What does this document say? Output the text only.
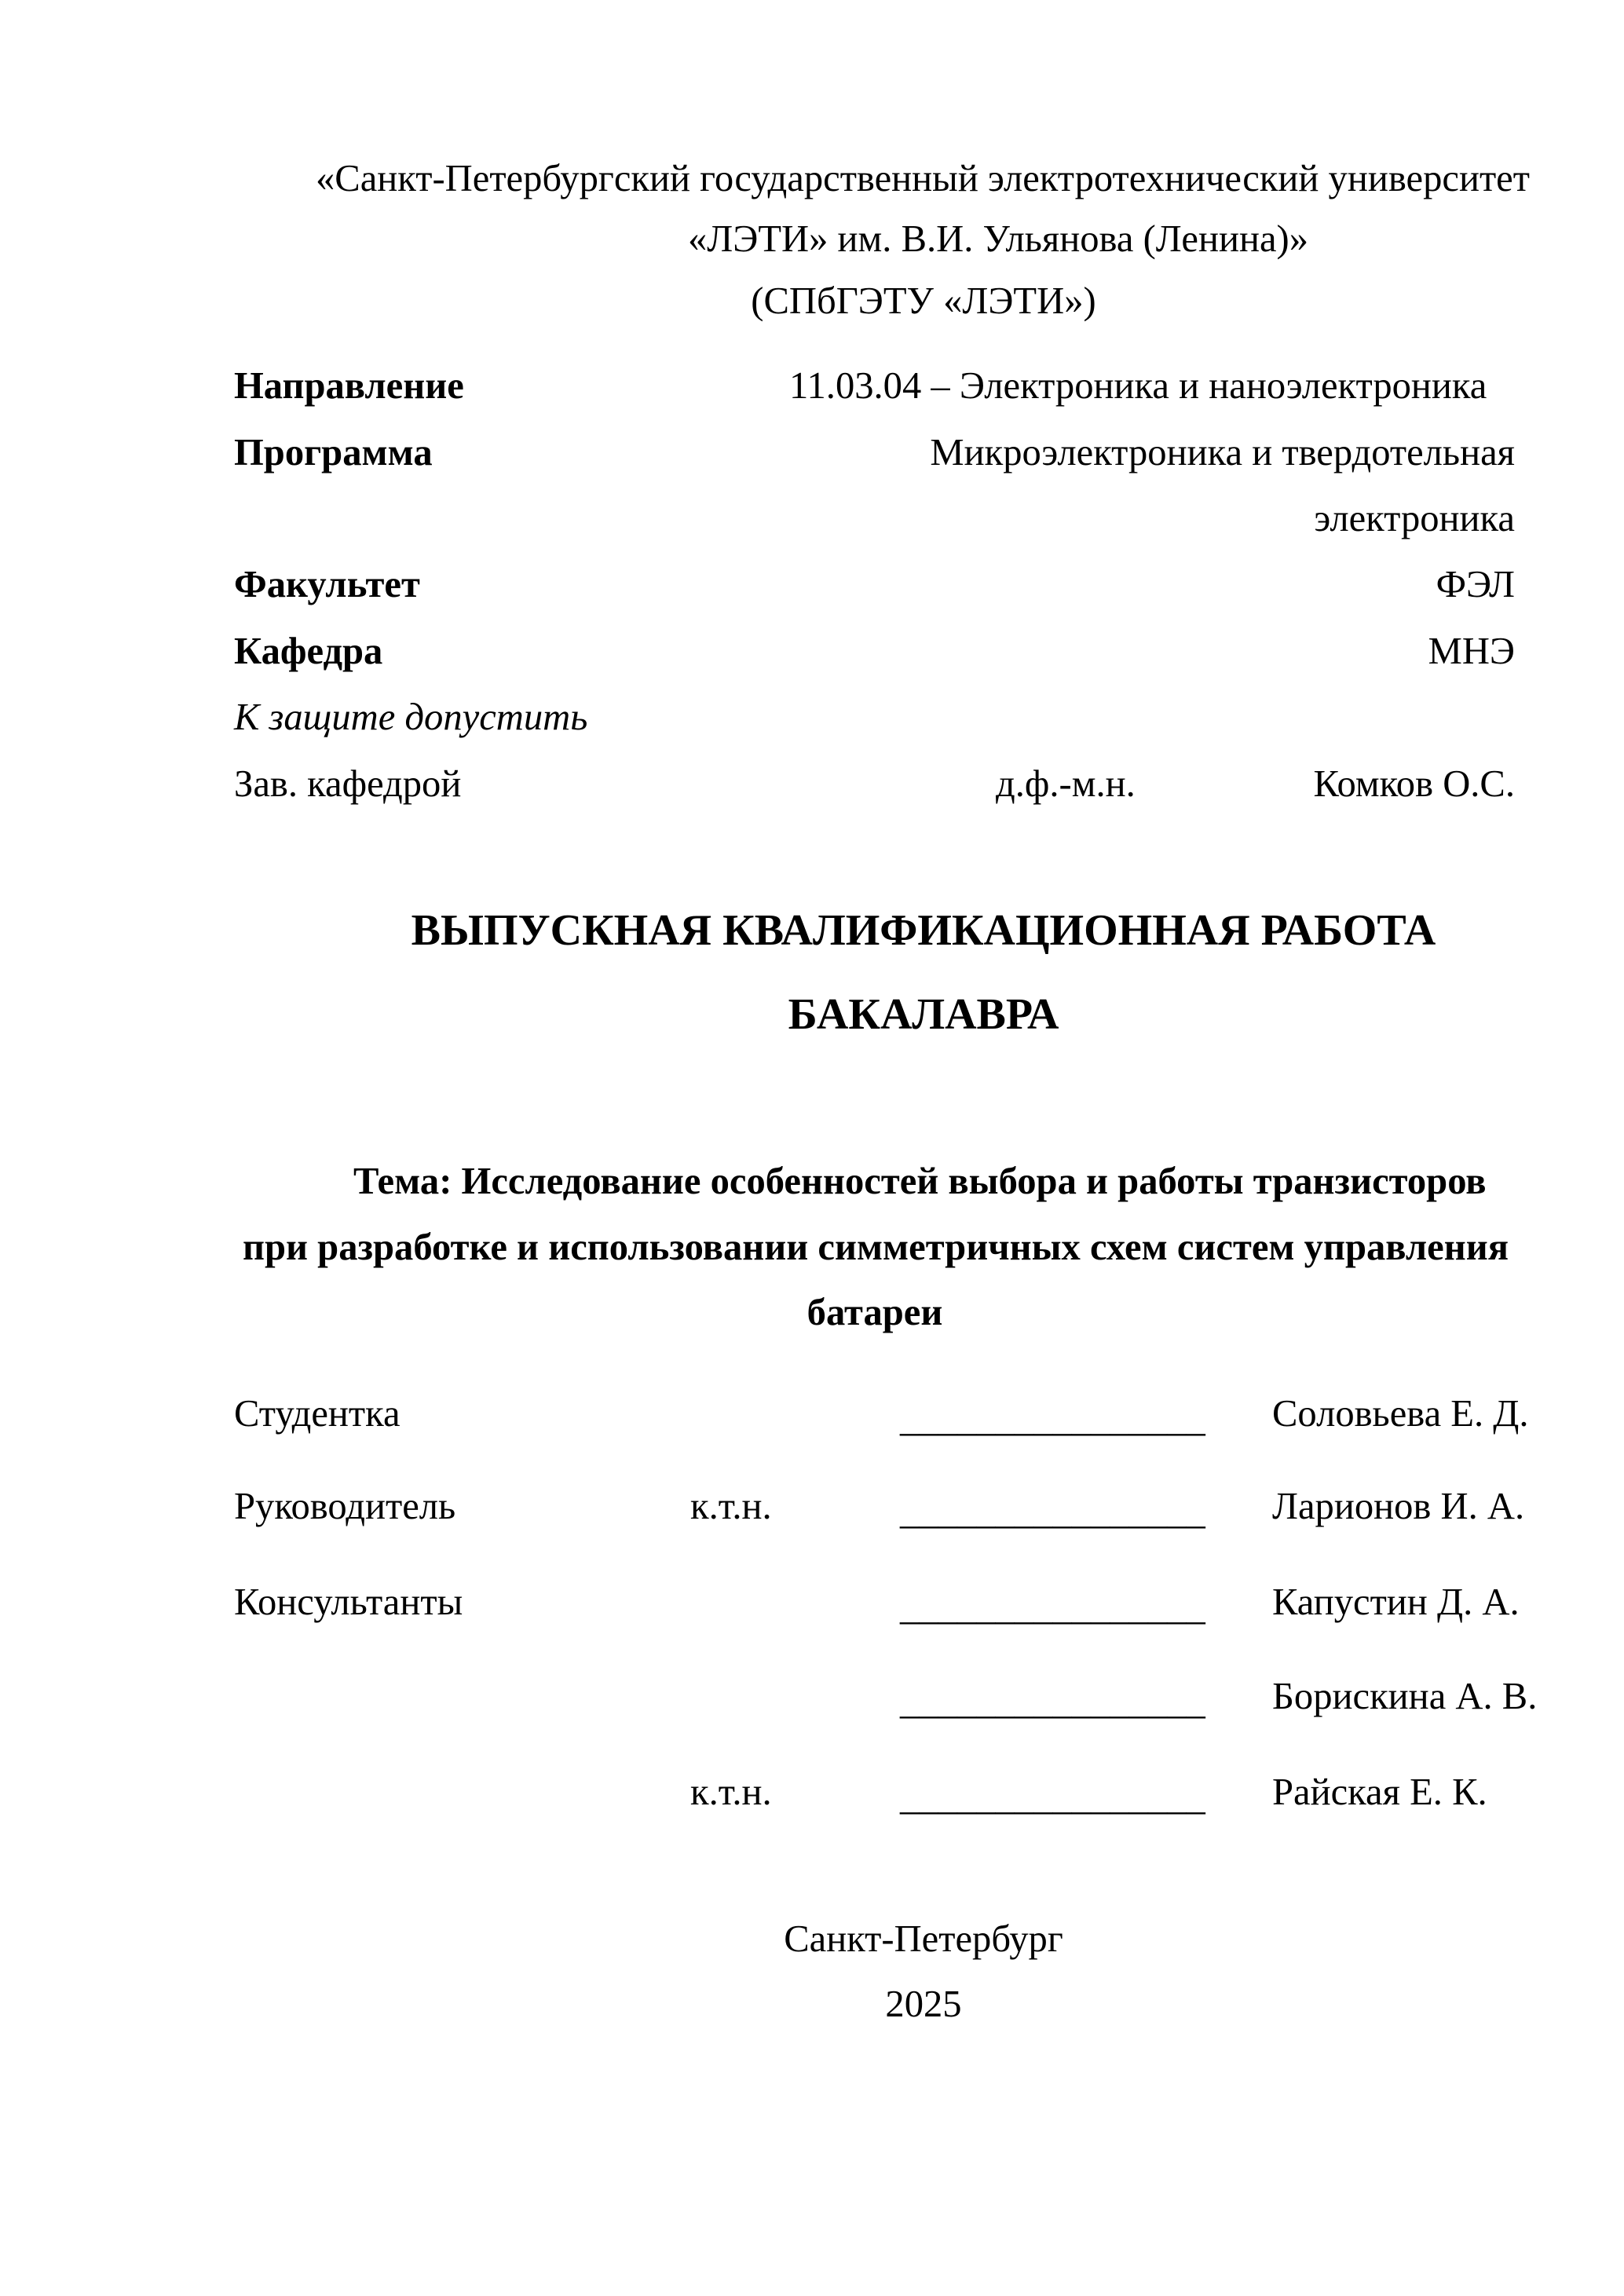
«Санкт-Петербургский государственный электротехнический университет
«ЛЭТИ» им. В.И. Ульянова (Ленина)»
(СПбГЭТУ «ЛЭТИ»)
Направление	11.03.04 – Электроника и наноэлектроника
Программа	Микроэлектроника и твердотельная
электроника
Факультет	ФЭЛ
Кафедра	МНЭ
К защите допустить
Зав. кафедрой	д.ф.-м.н.	Комков О.С.
ВЫПУСКНАЯ КВАЛИФИКАЦИОННАЯ РАБОТА
БАКАЛАВРА
Тема: Исследование особенностей выбора и работы транзисторов
при разработке и использовании симметричных схем систем управления
батареи
Студентка	________________ Соловьева Е. Д.
Руководитель	к.т.н.	________________ Ларионов И. А.
Консультанты	________________ Капустин Д. А.
________________ Борискина А. В.
к.т.н.	________________ Райская Е. К.
Санкт-Петербург
2025
